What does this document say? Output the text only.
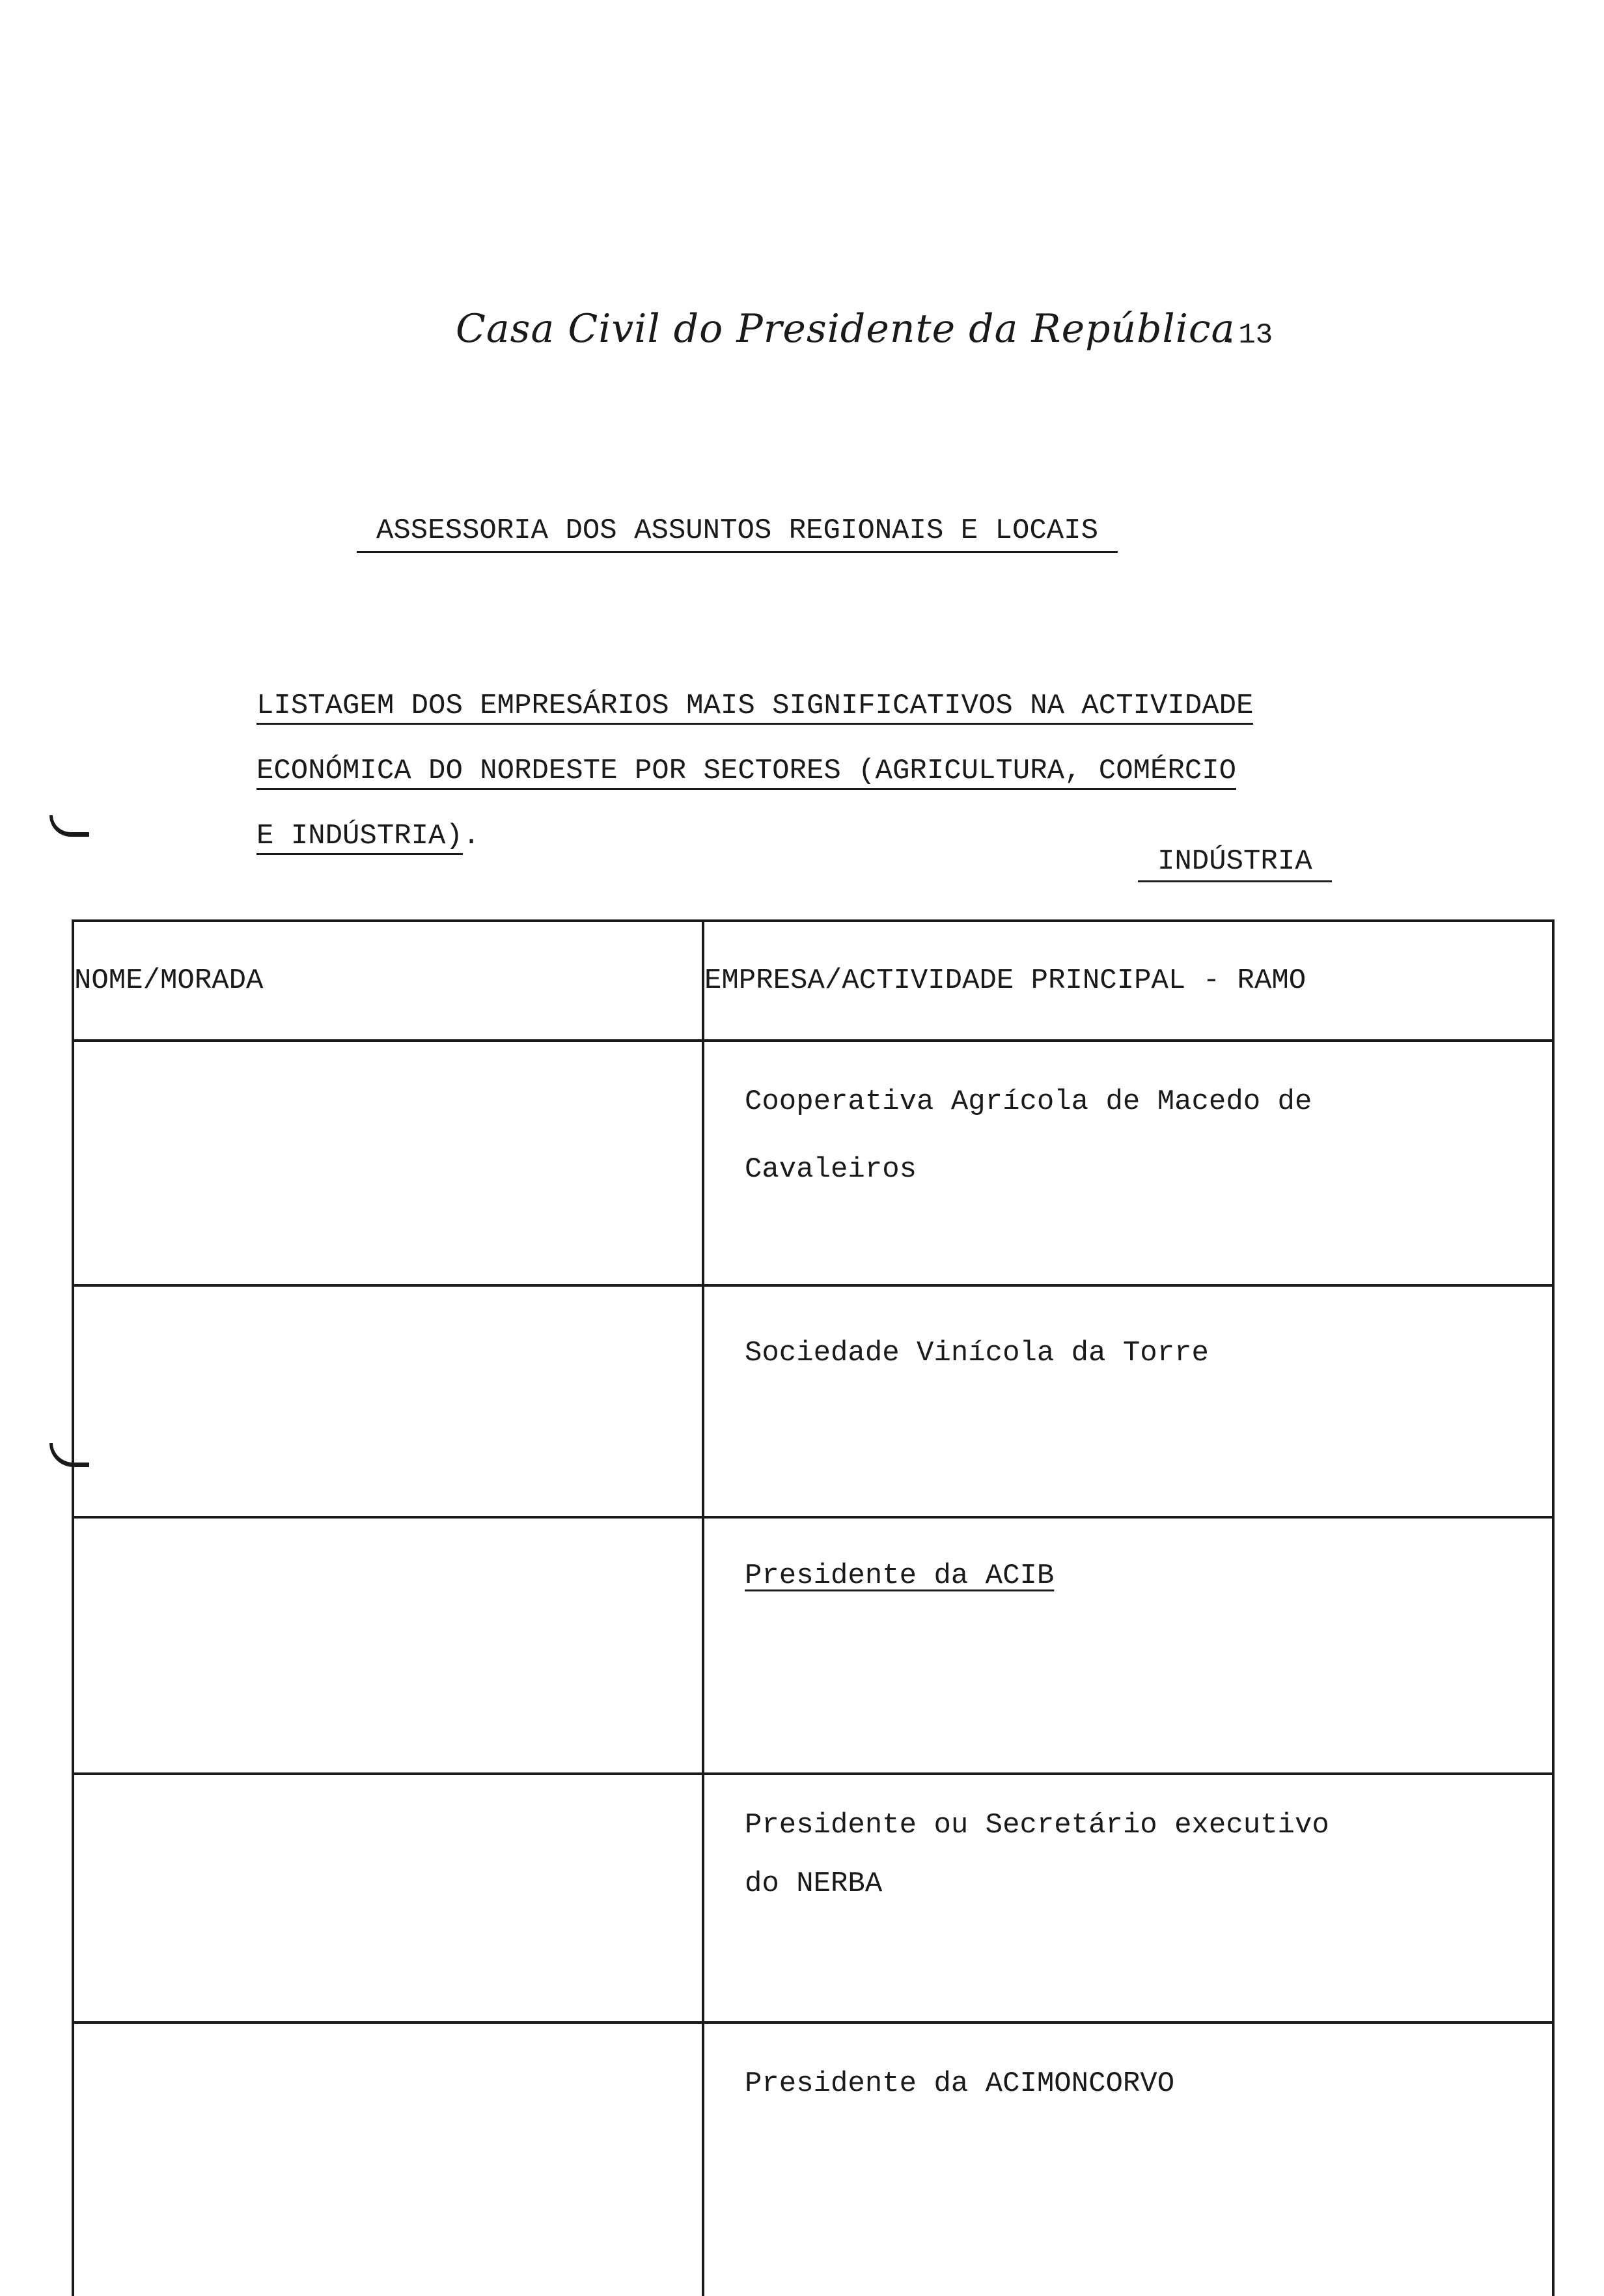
Casa Civil do Presidente da República
.13
ASSESSORIA DOS ASSUNTOS REGIONAIS E LOCAIS
LISTAGEM DOS EMPRESÁRIOS MAIS SIGNIFICATIVOS NA ACTIVIDADE
ECONÓMICA DO NORDESTE POR SECTORES (AGRICULTURA, COMÉRCIO
E INDÚSTRIA).
INDÚSTRIA
NOME/MORADA	EMPRESA/ACTIVIDADE PRINCIPAL - RAMO

	Cooperativa Agrícola de Macedo de
Cavaleiros

	Sociedade Vinícola da Torre

	Presidente da ACIB

	Presidente ou Secretário executivo
do NERBA

	Presidente da ACIMONCORVO
